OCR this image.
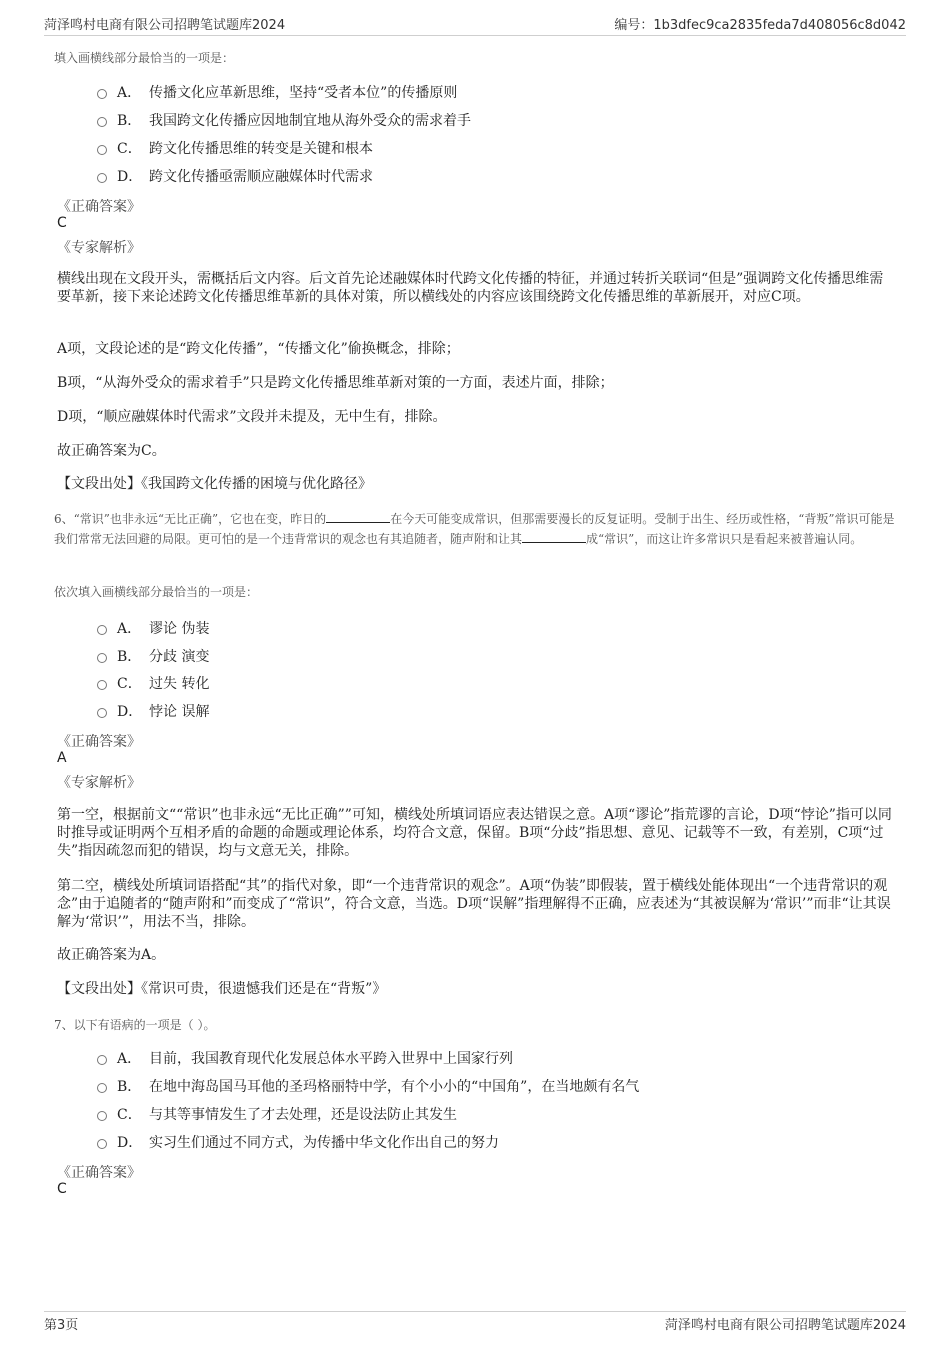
菏泽鸣村电商有限公司招聘笔试题库2024	编号：1b3dfec9ca2835feda7d408056c8d042
填入画横线部分最恰当的一项是：
A． 传播文化应革新思维，坚持“受者本位”的传播原则
B． 我国跨文化传播应因地制宜地从海外受众的需求着手
C． 跨文化传播思维的转变是关键和根本
D． 跨文化传播亟需顺应融媒体时代需求
《正确答案》
C
《专家解析》
横线出现在文段开头，需概括后文内容。后文首先论述融媒体时代跨文化传播的特征，并通过转折关联词“但是”强调跨文化传播思维需要革新，接下来论述跨文化传播思维革新的具体对策，所以横线处的内容应该围绕跨文化传播思维的革新展开，对应C项。
A项，文段论述的是“跨文化传播”，“传播文化”偷换概念，排除；
B项，“从海外受众的需求着手”只是跨文化传播思维革新对策的一方面，表述片面，排除；
D项，“顺应融媒体时代需求”文段并未提及，无中生有，排除。
故正确答案为C。
【文段出处】《我国跨文化传播的困境与优化路径》
6、“常识”也非永远“无比正确”，它也在变，昨日的	在今天可能变成常识，但那需要漫长的反复证明。受制于出生、经历或性格，“背叛”常识可能是我们常常无法回避的局限。更可怕的是一个违背常识的观念也有其追随者，随声附和让其	成“常识”，而这让许多常识只是看起来被普遍认同。
依次填入画横线部分最恰当的一项是：
A． 谬论 伪装
B． 分歧 演变
C． 过失 转化
D． 悖论 误解
《正确答案》
A
《专家解析》
第一空，根据前文““常识”也非永远“无比正确””可知，横线处所填词语应表达错误之意。A项“谬论”指荒谬的言论，D项“悖论”指可以同时推导或证明两个互相矛盾的命题的命题或理论体系，均符合文意，保留。B项“分歧”指思想、意见、记载等不一致，有差别，C项“过失”指因疏忽而犯的错误，均与文意无关，排除。
第二空，横线处所填词语搭配“其”的指代对象，即“一个违背常识的观念”。A项“伪装”即假装，置于横线处能体现出“一个违背常识的观念”由于追随者的“随声附和”而变成了“常识”，符合文意，当选。D项“误解”指理解得不正确，应表述为“其被误解为‘常识’”而非“让其误解为‘常识’”，用法不当，排除。
故正确答案为A。
【文段出处】《常识可贵，很遗憾我们还是在“背叛”》
7、以下有语病的一项是（ ）。
A． 目前，我国教育现代化发展总体水平跨入世界中上国家行列
B． 在地中海岛国马耳他的圣玛格丽特中学，有个小小的“中国角”，在当地颇有名气
C． 与其等事情发生了才去处理，还是设法防止其发生
D． 实习生们通过不同方式，为传播中华文化作出自己的努力
《正确答案》
C
第3页	菏泽鸣村电商有限公司招聘笔试题库2024
